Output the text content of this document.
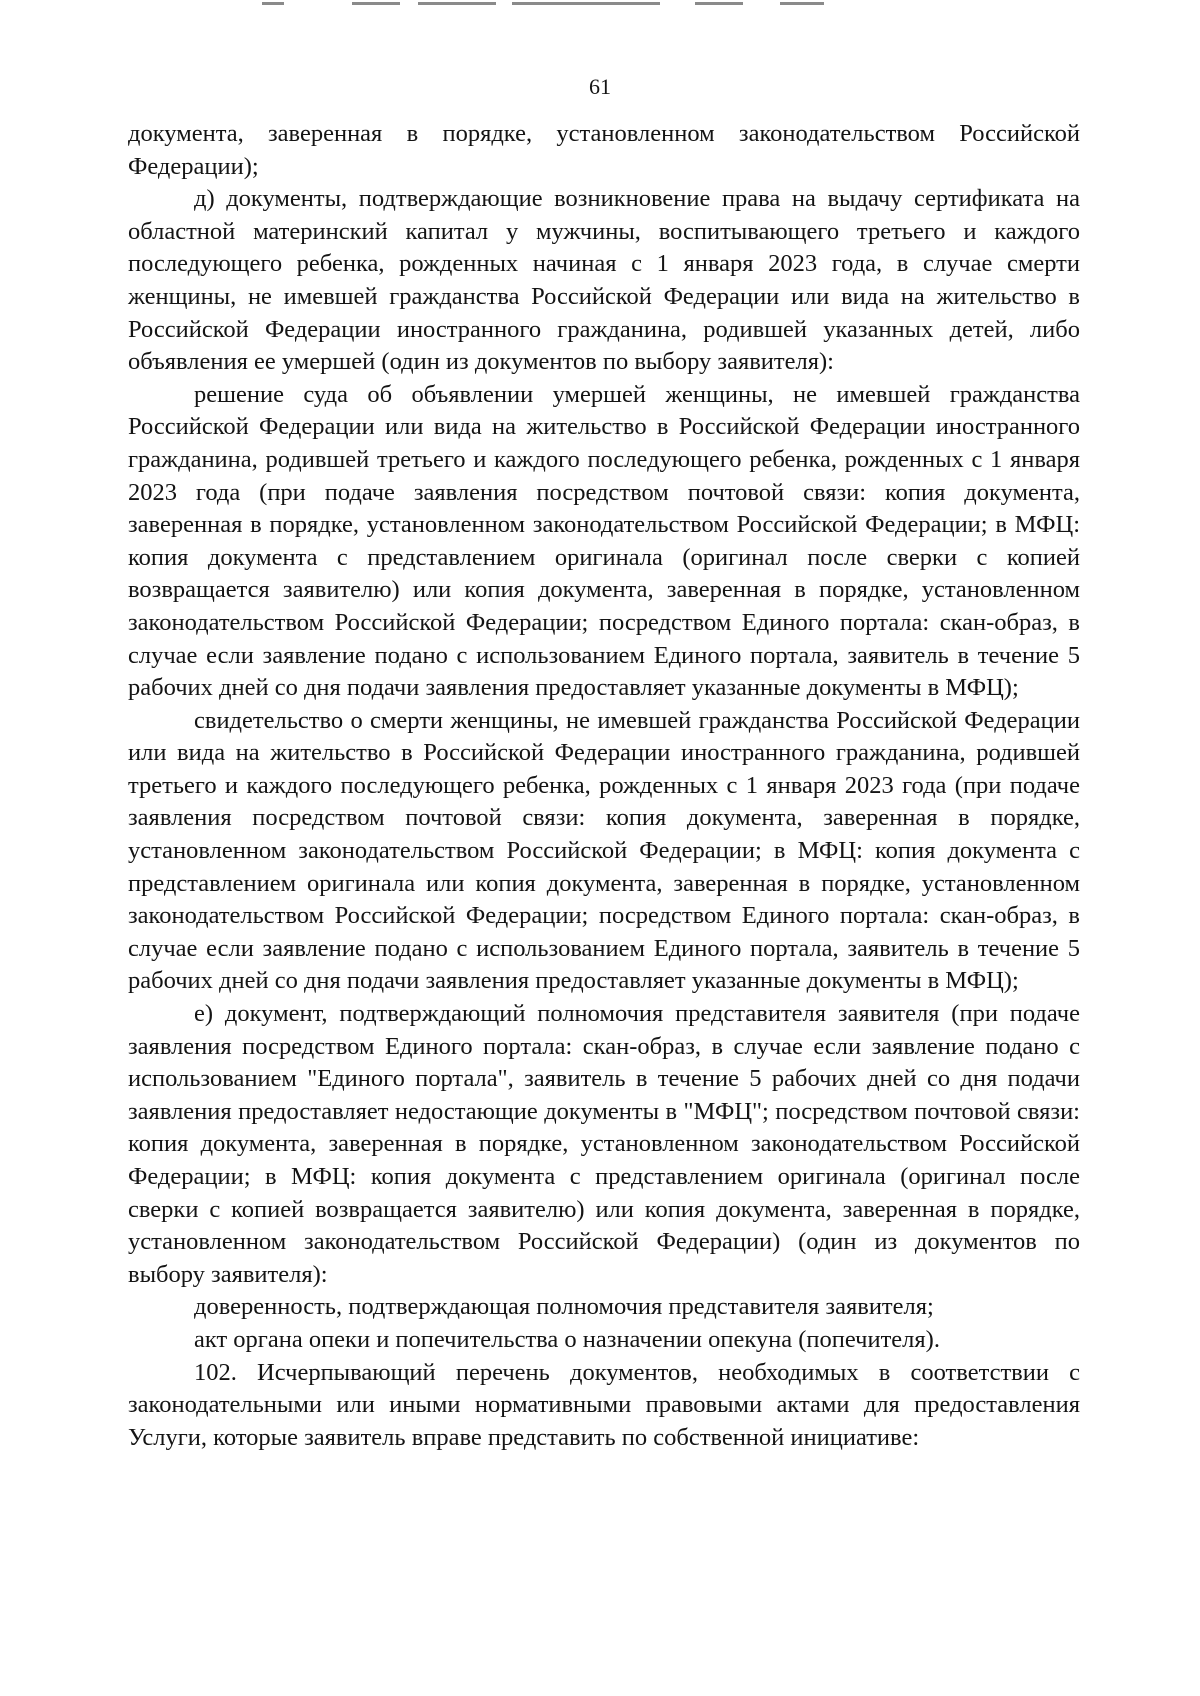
61

документа, заверенная в порядке, установленном законодательством Российской Федерации);

д) документы, подтверждающие возникновение права на выдачу сертификата на областной материнский капитал у мужчины, воспитывающего третьего и каждого последующего ребенка, рожденных начиная с 1 января 2023 года, в случае смерти женщины, не имевшей гражданства Российской Федерации или вида на жительство в Российской Федерации иностранного гражданина, родившей указанных детей, либо объявления ее умершей (один из документов по выбору заявителя):

решение суда об объявлении умершей женщины, не имевшей гражданства Российской Федерации или вида на жительство в Российской Федерации иностранного гражданина, родившей третьего и каждого последующего ребенка, рожденных с 1 января 2023 года (при подаче заявления посредством почтовой связи: копия документа, заверенная в порядке, установленном законодательством Российской Федерации; в МФЦ: копия документа с представлением оригинала (оригинал после сверки с копией возвращается заявителю) или копия документа, заверенная в порядке, установленном законодательством Российской Федерации; посредством Единого портала: скан-образ, в случае если заявление подано с использованием Единого портала, заявитель в течение 5 рабочих дней со дня подачи заявления предоставляет указанные документы в МФЦ);

свидетельство о смерти женщины, не имевшей гражданства Российской Федерации или вида на жительство в Российской Федерации иностранного гражданина, родившей третьего и каждого последующего ребенка, рожденных с 1 января 2023 года (при подаче заявления посредством почтовой связи: копия документа, заверенная в порядке, установленном законодательством Российской Федерации; в МФЦ: копия документа с представлением оригинала или копия документа, заверенная в порядке, установленном законодательством Российской Федерации; посредством Единого портала: скан-образ, в случае если заявление подано с использованием Единого портала, заявитель в течение 5 рабочих дней со дня подачи заявления предоставляет указанные документы в МФЦ);

е) документ, подтверждающий полномочия представителя заявителя (при подаче заявления посредством Единого портала: скан-образ, в случае если заявление подано с использованием "Единого портала", заявитель в течение 5 рабочих дней со дня подачи заявления предоставляет недостающие документы в "МФЦ"; посредством почтовой связи: копия документа, заверенная в порядке, установленном законодательством Российской Федерации; в МФЦ: копия документа с представлением оригинала (оригинал после сверки с копией возвращается заявителю) или копия документа, заверенная в порядке, установленном законодательством Российской Федерации) (один из документов по выбору заявителя):

доверенность, подтверждающая полномочия представителя заявителя;

акт органа опеки и попечительства о назначении опекуна (попечителя).

102. Исчерпывающий перечень документов, необходимых в соответствии с законодательными или иными нормативными правовыми актами для предоставления Услуги, которые заявитель вправе представить по собственной инициативе:
